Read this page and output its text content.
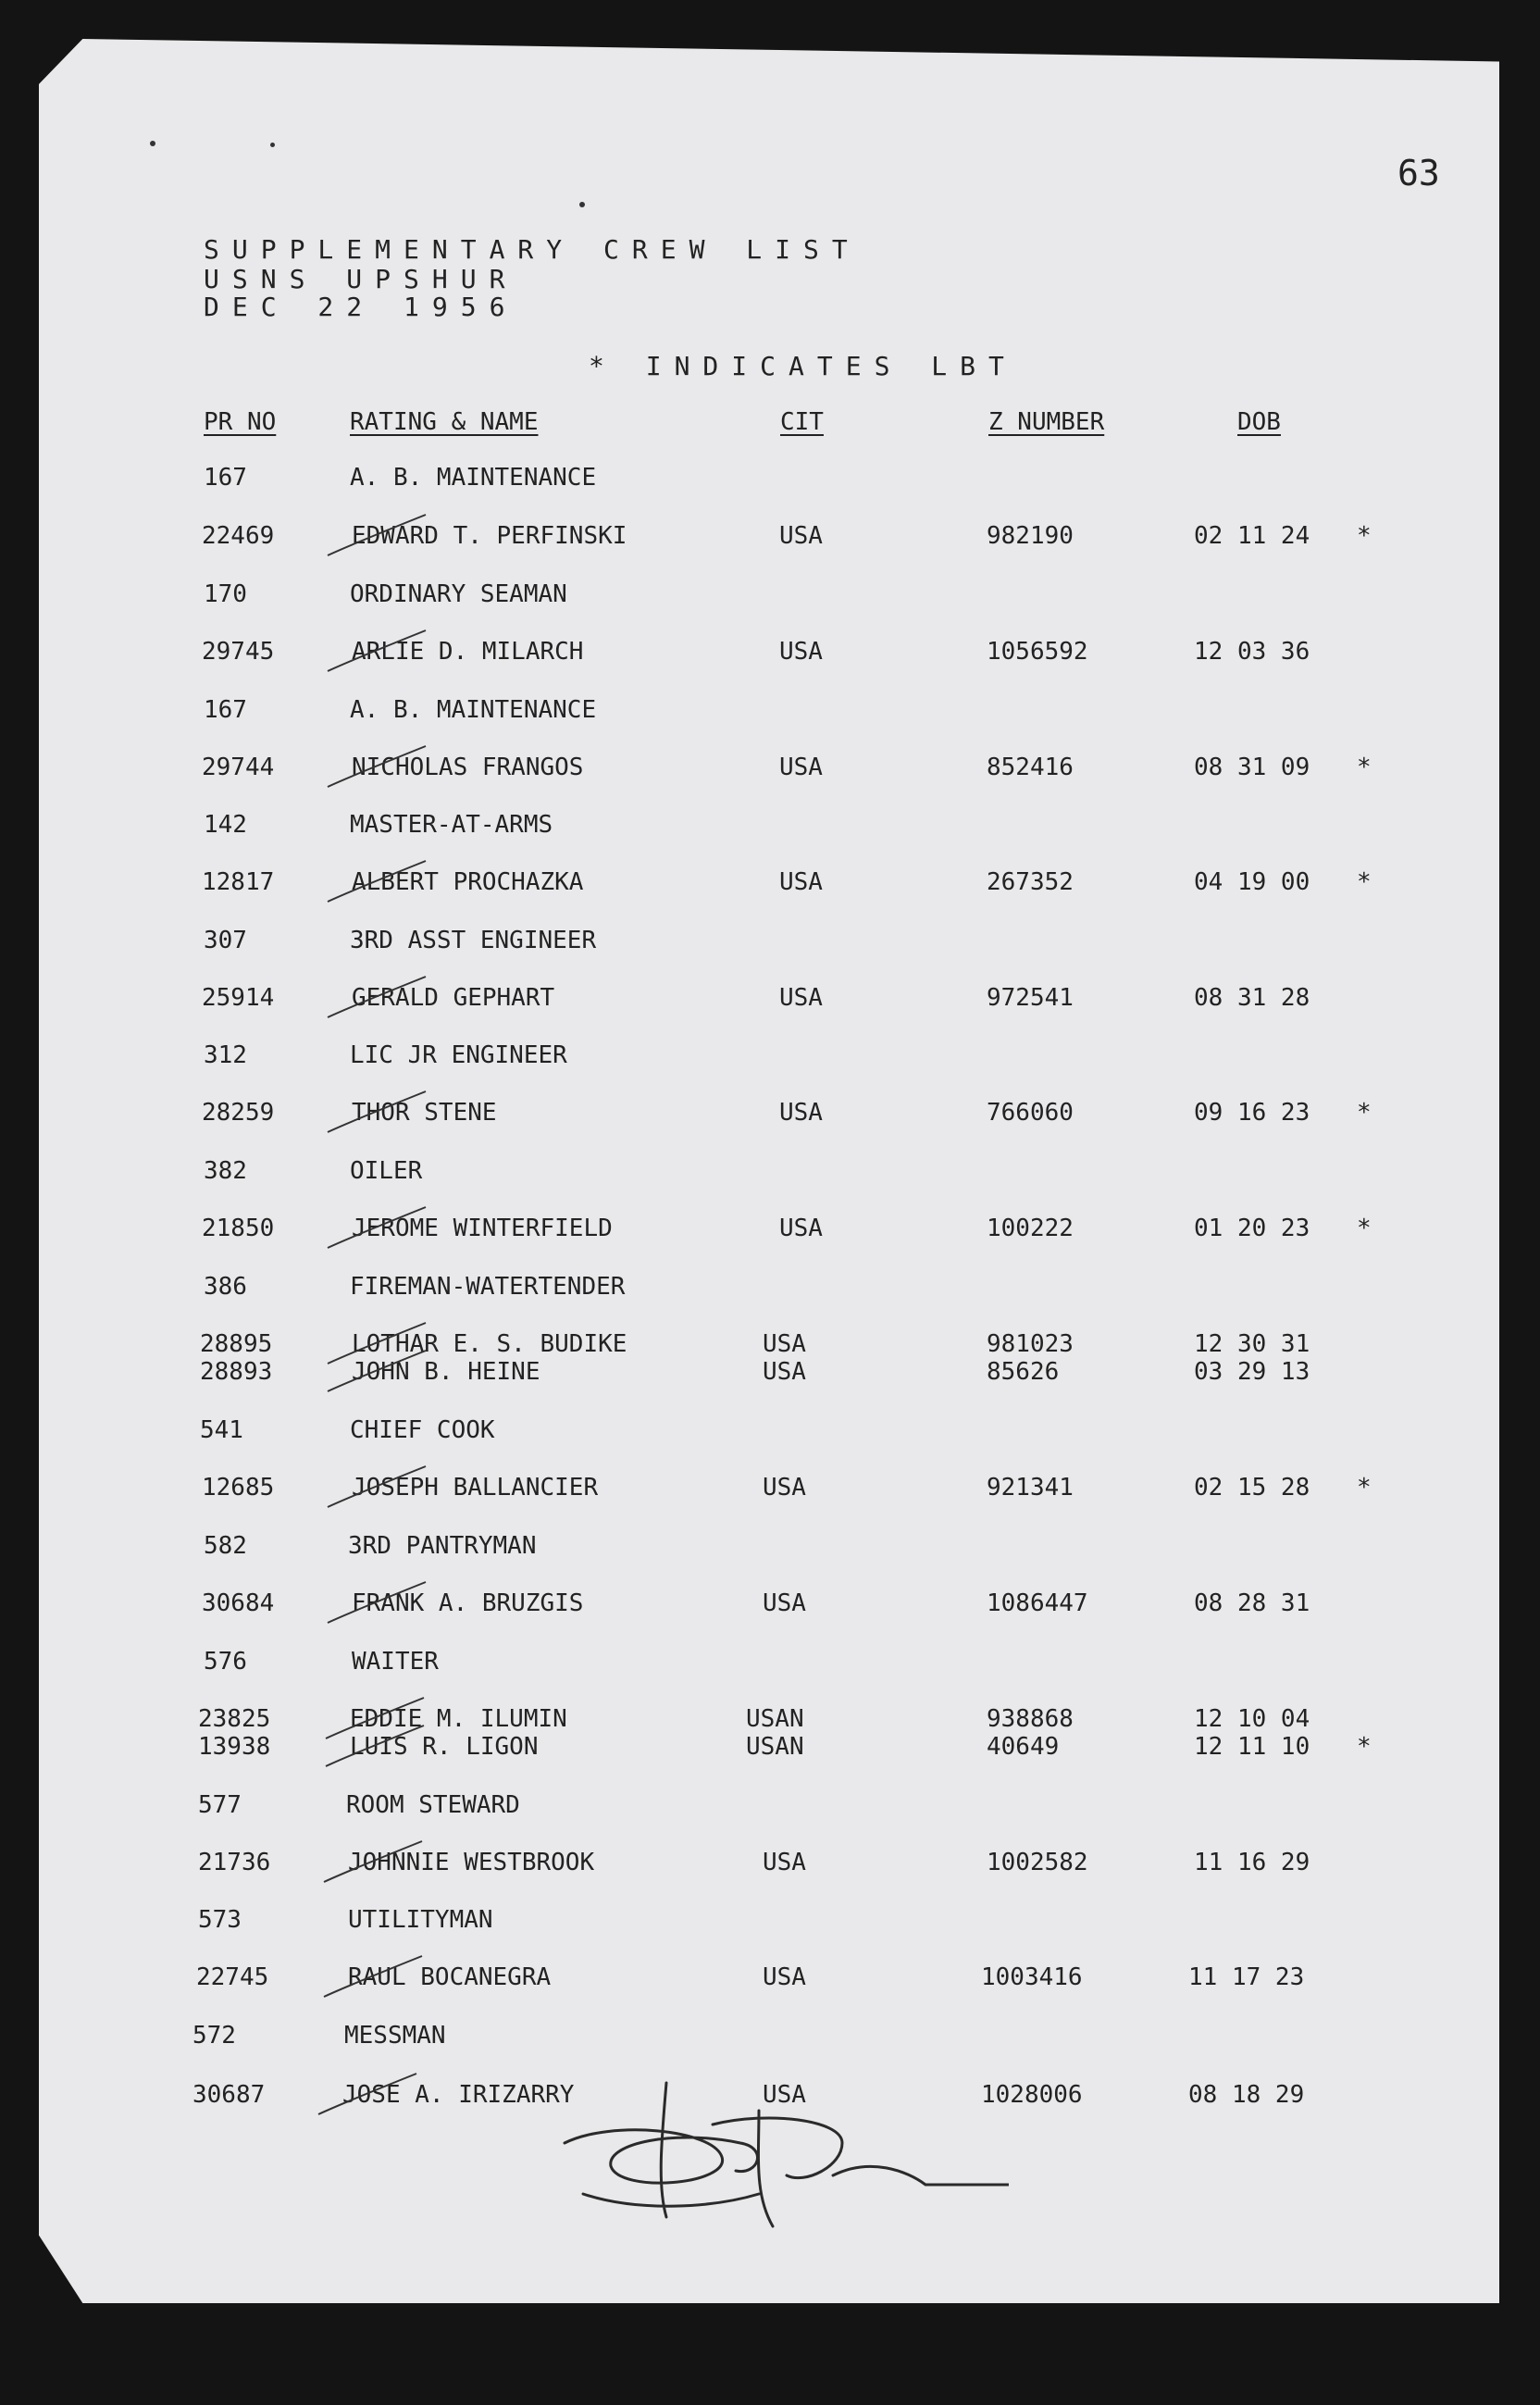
63
SUPPLEMENTARY CREW LIST
USNS UPSHUR
DEC 22 1956
* INDICATES LBT
PR NO	RATING & NAME	CIT	Z NUMBER	DOB
167	A. B. MAINTENANCE
22469	EDWARD T. PERFINSKI	USA	982190	02 11 24 *
170	ORDINARY SEAMAN
29745	ARLIE D. MILARCH	USA	1056592	12 03 36
167	A. B. MAINTENANCE
29744	NICHOLAS FRANGOS	USA	852416	08 31 09 *
142	MASTER-AT-ARMS
12817	ALBERT PROCHAZKA	USA	267352	04 19 00 *
307	3RD ASST ENGINEER
25914	GERALD GEPHART	USA	972541	08 31 28
312	LIC JR ENGINEER
28259	THOR STENE	USA	766060	09 16 23 *
382	OILER
21850	JEROME WINTERFIELD	USA	100222	01 20 23 *
386	FIREMAN-WATERTENDER
28895	LOTHAR E. S. BUDIKE	USA	981023	12 30 31
28893	JOHN B. HEINE	USA	85626	03 29 13
541	CHIEF COOK
12685	JOSEPH BALLANCIER	USA	921341	02 15 28 *
582	3RD PANTRYMAN
30684	FRANK A. BRUZGIS	USA	1086447	08 28 31
576	WAITER
23825	EDDIE M. ILUMIN	USAN	938868	12 10 04
13938	LUIS R. LIGON	USAN	40649	12 11 10 *
577	ROOM STEWARD
21736	JOHNNIE WESTBROOK	USA	1002582	11 16 29
573	UTILITYMAN
22745	RAUL BOCANEGRA	USA	1003416	11 17 23
572	MESSMAN
30687	JOSE A. IRIZARRY	USA	1028006	08 18 29
